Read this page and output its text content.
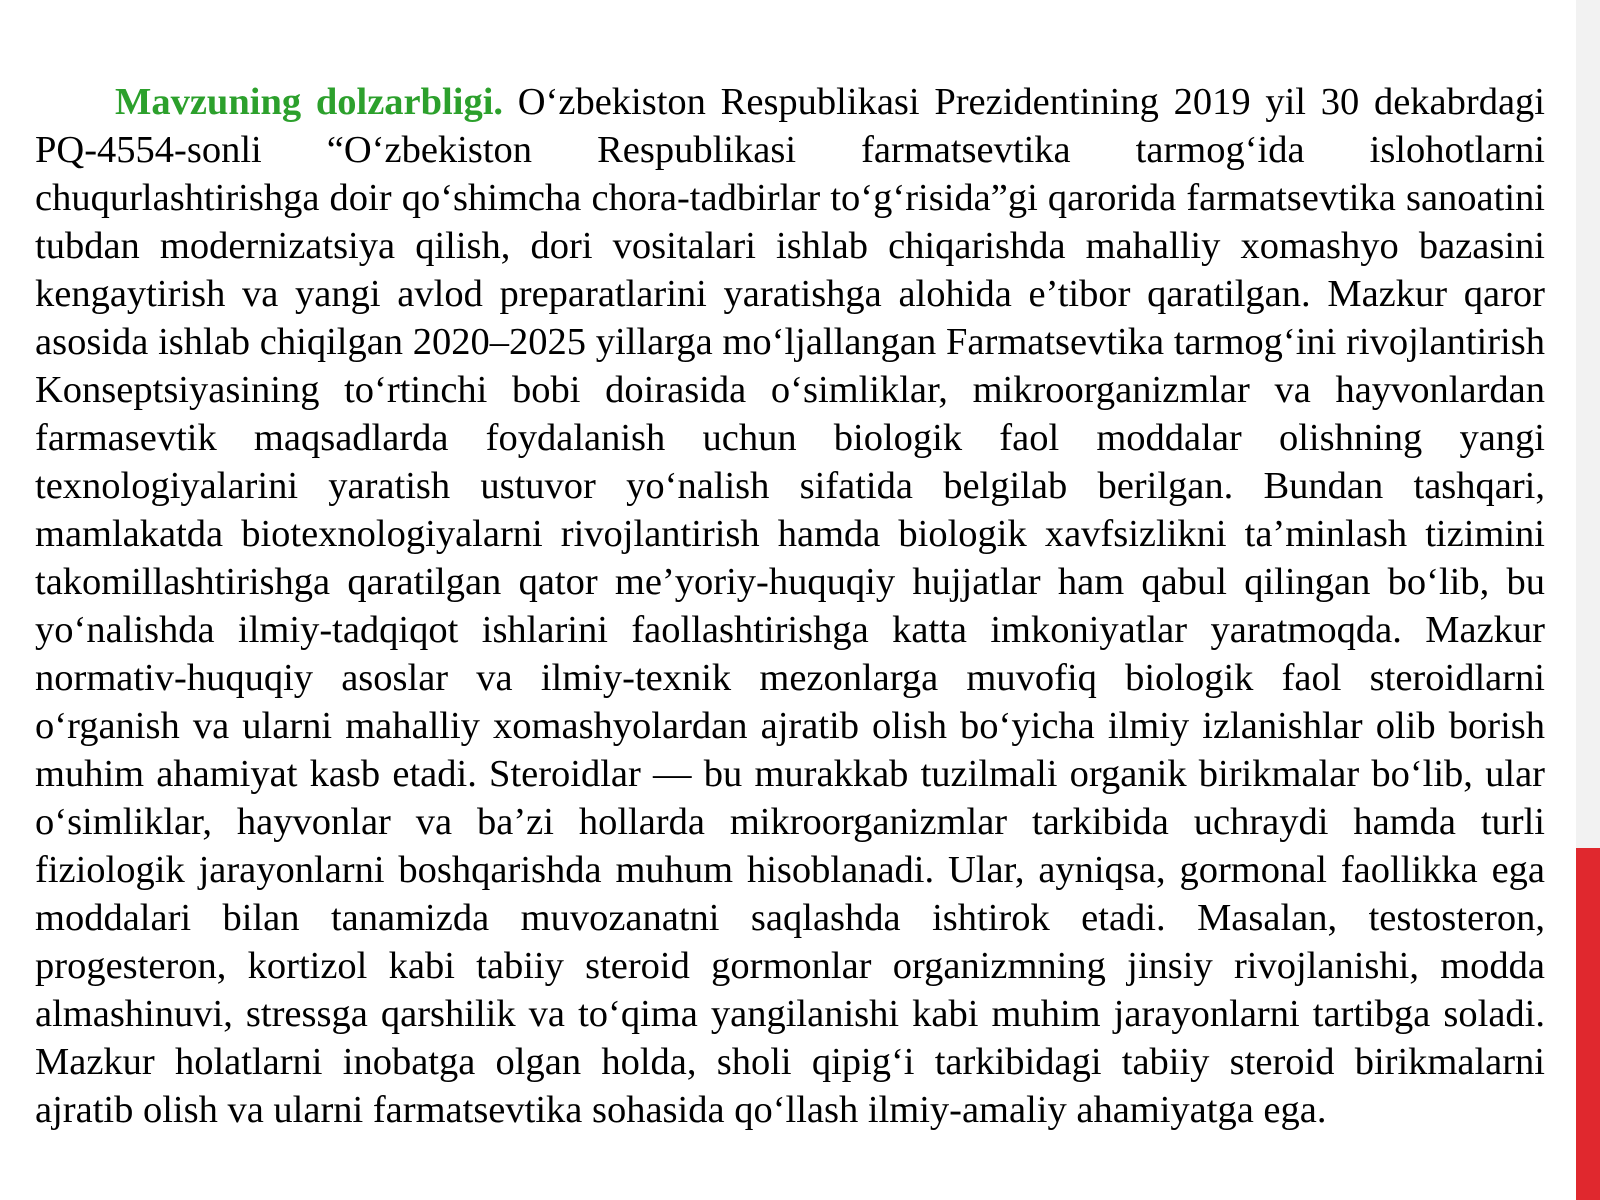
Mavzuning dolzarbligi. O‘zbekiston Respublikasi Prezidentining 2019 yil 30 dekabrdagi PQ-4554-sonli “O‘zbekiston Respublikasi farmatsevtika tarmog‘ida islohotlarni chuqurlashtirishga doir qo‘shimcha chora-tadbirlar to‘g‘risida”gi qarorida farmatsevtika sanoatini tubdan modernizatsiya qilish, dori vositalari ishlab chiqarishda mahalliy xomashyo bazasini kengaytirish va yangi avlod preparatlarini yaratishga alohida e’tibor qaratilgan. Mazkur qaror asosida ishlab chiqilgan 2020–2025 yillarga mo‘ljallangan Farmatsevtika tarmog‘ini rivojlantirish Konseptsiyasining to‘rtinchi bobi doirasida o‘simliklar, mikroorganizmlar va hayvonlardan farmasevtik maqsadlarda foydalanish uchun biologik faol moddalar olishning yangi texnologiyalarini yaratish ustuvor yo‘nalish sifatida belgilab berilgan. Bundan tashqari, mamlakatda biotexnologiyalarni rivojlantirish hamda biologik xavfsizlikni ta’minlash tizimini takomillashtirishga qaratilgan qator me’yoriy-huquqiy hujjatlar ham qabul qilingan bo‘lib, bu yo‘nalishda ilmiy-tadqiqot ishlarini faollashtirishga katta imkoniyatlar yaratmoqda. Mazkur normativ-huquqiy asoslar va ilmiy-texnik mezonlarga muvofiq biologik faol steroidlarni o‘rganish va ularni mahalliy xomashyolardan ajratib olish bo‘yicha ilmiy izlanishlar olib borish muhim ahamiyat kasb etadi. Steroidlar — bu murakkab tuzilmali organik birikmalar bo‘lib, ular o‘simliklar, hayvonlar va ba’zi hollarda mikroorganizmlar tarkibida uchraydi hamda turli fiziologik jarayonlarni boshqarishda muhum hisoblanadi. Ular, ayniqsa, gormonal faollikka ega moddalari bilan tanamizda muvozanatni saqlashda ishtirok etadi. Masalan, testosteron, progesteron, kortizol kabi tabiiy steroid gormonlar organizmning jinsiy rivojlanishi, modda almashinuvi, stressga qarshilik va to‘qima yangilanishi kabi muhim jarayonlarni tartibga soladi. Mazkur holatlarni inobatga olgan holda, sholi qipig‘i tarkibidagi tabiiy steroid birikmalarni ajratib olish va ularni farmatsevtika sohasida qo‘llash ilmiy-amaliy ahamiyatga ega.
